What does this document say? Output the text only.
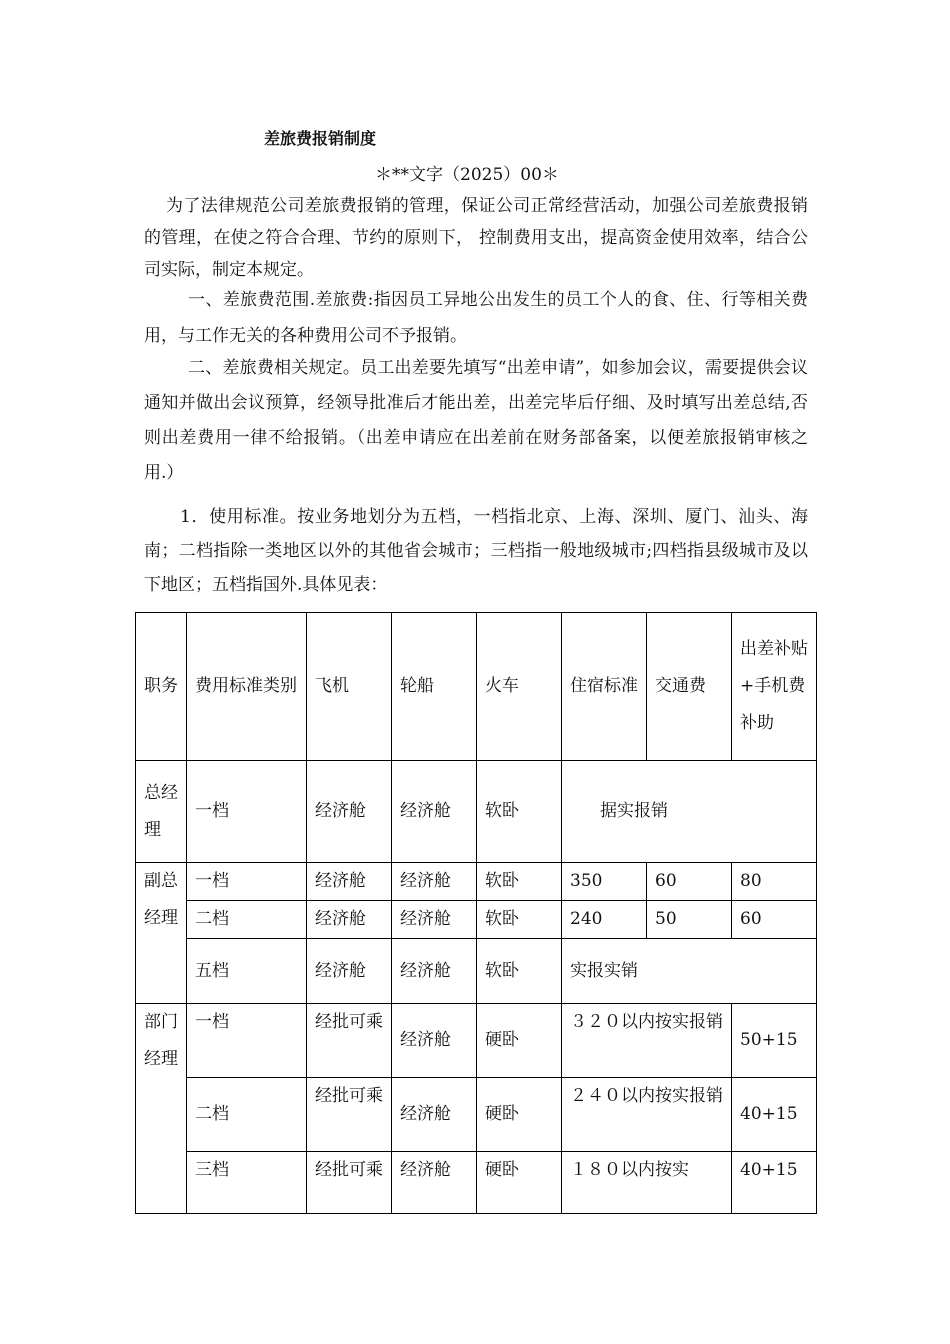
差旅费报销制度
＊**文字（2025）00＊

为了法律规范公司差旅费报销的管理，保证公司正常经营活动，加强公司差旅费报销的管理，在使之符合合理、节约的原则下， 控制费用支出，提高资金使用效率，结合公司实际，制定本规定。

一、差旅费范围.差旅费:指因员工异地公出发生的员工个人的食、住、行等相关费用，与工作无关的各种费用公司不予报销。

二、差旅费相关规定。员工出差要先填写“出差申请”，如参加会议，需要提供会议通知并做出会议预算，经领导批准后才能出差，出差完毕后仔细、及时填写出差总结,否则出差费用一律不给报销。（出差申请应在出差前在财务部备案，以便差旅报销审核之用.）

1．使用标准。按业务地划分为五档，一档指北京、上海、深圳、厦门、汕头、海南；二档指除一类地区以外的其他省会城市；三档指一般地级城市;四档指县级城市及以下地区；五档指国外.具体见表：

职务	费用标准类别	飞机	轮船	火车	住宿标准	交通费	出差补贴+手机费补助
总经理	一档	经济舱	经济舱	软卧	据实报销		
副总经理	一档	经济舱	经济舱	软卧	350	60	80
	二档	经济舱	经济舱	软卧	240	50	60
	五档	经济舱	经济舱	软卧	实报实销		
部门经理	一档	经批可乘	经济舱	硬卧	３２０以内按实报销		50+15
	二档	经批可乘	经济舱	硬卧	２４０以内按实报销		40+15
	三档	经批可乘	经济舱	硬卧	１８０以内按实		40+15
